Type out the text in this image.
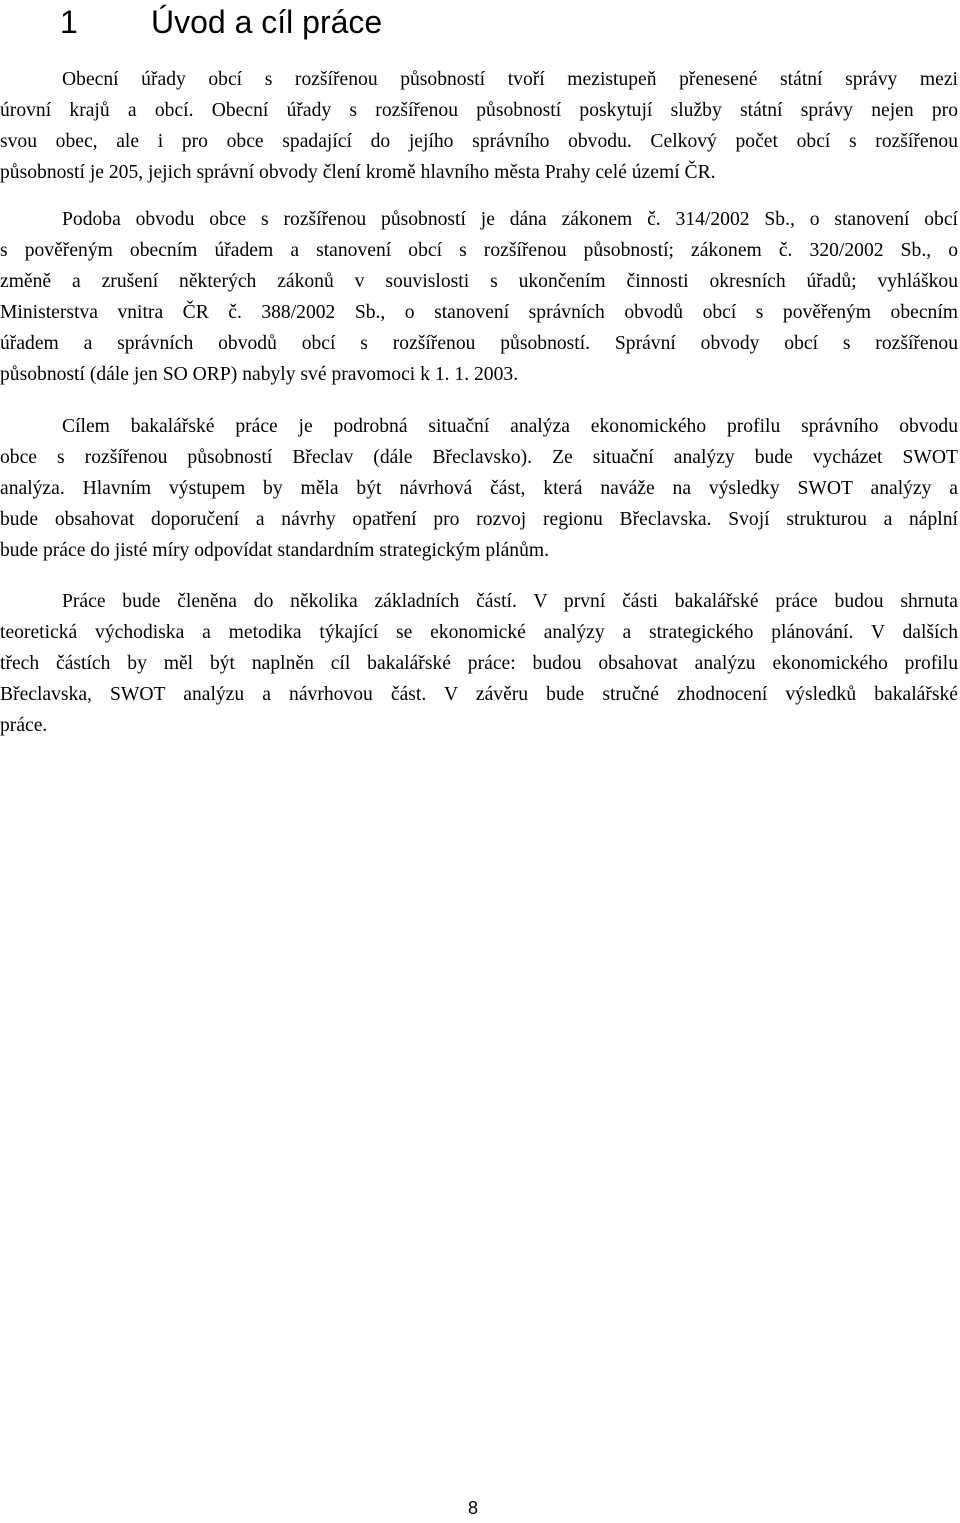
1 Úvod a cíl práce
Obecní úřady obcí s rozšířenou působností tvoří mezistupeň přenesené státní správy mezi
úrovní krajů a obcí. Obecní úřady s rozšířenou působností poskytují služby státní správy nejen pro
svou obec, ale i pro obce spadající do jejího správního obvodu. Celkový počet obcí s rozšířenou
působností je 205, jejich správní obvody člení kromě hlavního města Prahy celé území ČR.
Podoba obvodu obce s rozšířenou působností je dána zákonem č. 314/2002 Sb., o stanovení obcí
s pověřeným obecním úřadem a stanovení obcí s rozšířenou působností; zákonem č. 320/2002 Sb., o
změně a zrušení některých zákonů v souvislosti s ukončením činnosti okresních úřadů; vyhláškou
Ministerstva vnitra ČR č. 388/2002 Sb., o stanovení správních obvodů obcí s pověřeným obecním
úřadem a správních obvodů obcí s rozšířenou působností. Správní obvody obcí s rozšířenou
působností (dále jen SO ORP) nabyly své pravomoci k 1. 1. 2003.
Cílem bakalářské práce je podrobná situační analýza ekonomického profilu správního obvodu
obce s rozšířenou působností Břeclav (dále Břeclavsko). Ze situační analýzy bude vycházet SWOT
analýza. Hlavním výstupem by měla být návrhová část, která naváže na výsledky SWOT analýzy a
bude obsahovat doporučení a návrhy opatření pro rozvoj regionu Břeclavska. Svojí strukturou a náplní
bude práce do jisté míry odpovídat standardním strategickým plánům.
Práce bude členěna do několika základních částí. V první části bakalářské práce budou shrnuta
teoretická východiska a metodika týkající se ekonomické analýzy a strategického plánování. V dalších
třech částích by měl být naplněn cíl bakalářské práce: budou obsahovat analýzu ekonomického profilu
Břeclavska, SWOT analýzu a návrhovou část. V závěru bude stručné zhodnocení výsledků bakalářské
práce.
8
